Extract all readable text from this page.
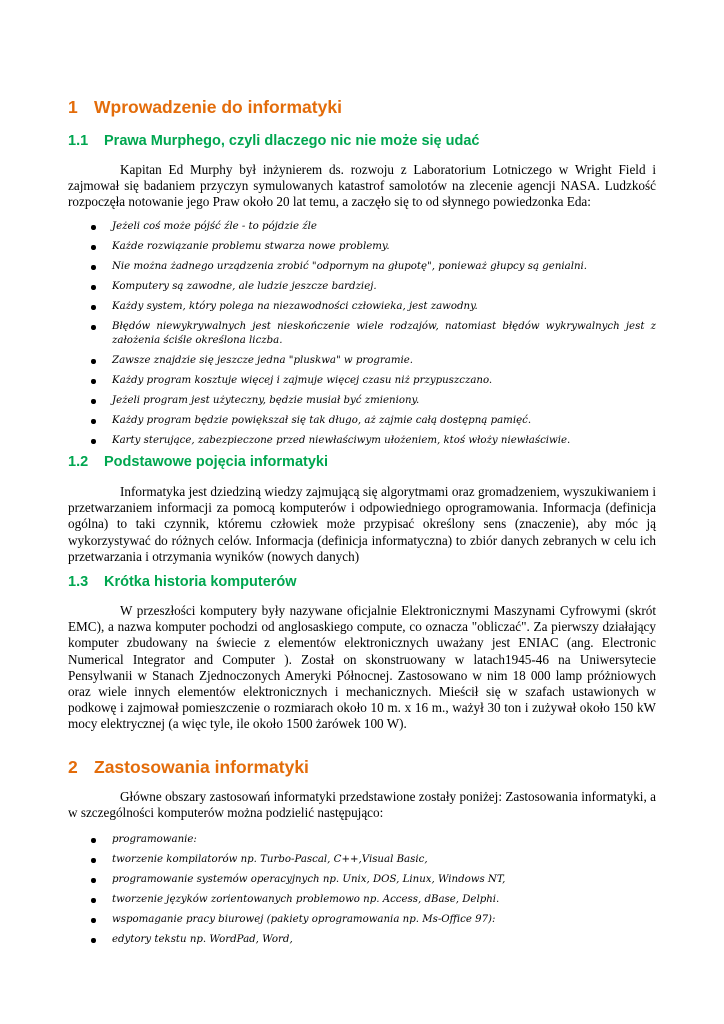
1 Wprowadzenie do informatyki
1.1 Prawa Murphego, czyli dlaczego nic nie może się udać

Kapitan Ed Murphy był inżynierem ds. rozwoju z Laboratorium Lotniczego w Wright Field i zajmował się badaniem przyczyn symulowanych katastrof samolotów na zlecenie agencji NASA. Ludzkość rozpoczęła notowanie jego Praw około 20 lat temu, a zaczęło się to od słynnego powiedzonka Eda:

Jeżeli coś może pójść źle - to pójdzie źle
Każde rozwiązanie problemu stwarza nowe problemy.
Nie można żadnego urządzenia zrobić "odpornym na głupotę", ponieważ głupcy są genialni.
Komputery są zawodne, ale ludzie jeszcze bardziej.
Każdy system, który polega na niezawodności człowieka, jest zawodny.
Błędów niewykrywalnych jest nieskończenie wiele rodzajów, natomiast błędów wykrywalnych jest z założenia ściśle określona liczba.
Zawsze znajdzie się jeszcze jedna "pluskwa" w programie.
Każdy program kosztuje więcej i zajmuje więcej czasu niż przypuszczano.
Jeżeli program jest użyteczny, będzie musiał być zmieniony.
Każdy program będzie powiększał się tak długo, aż zajmie całą dostępną pamięć.
Karty sterujące, zabezpieczone przed niewłaściwym ułożeniem, ktoś włoży niewłaściwie.
1.2 Podstawowe pojęcia informatyki

Informatyka jest dziedziną wiedzy zajmującą się algorytmami oraz gromadzeniem, wyszukiwaniem i przetwarzaniem informacji za pomocą komputerów i odpowiedniego oprogramowania. Informacja (definicja ogólna) to taki czynnik, któremu człowiek może przypisać określony sens (znaczenie), aby móc ją wykorzystywać do różnych celów. Informacja (definicja informatyczna) to zbiór danych zebranych w celu ich przetwarzania i otrzymania wyników (nowych danych)

1.3 Krótka historia komputerów

W przeszłości komputery były nazywane oficjalnie Elektronicznymi Maszynami Cyfrowymi (skrót EMC), a nazwa komputer pochodzi od anglosaskiego compute, co oznacza "obliczać". Za pierwszy działający komputer zbudowany na świecie z elementów elektronicznych uważany jest ENIAC (ang. Electronic Numerical Integrator and Computer ). Został on skonstruowany w latach1945-46 na Uniwersytecie Pensylwanii w Stanach Zjednoczonych Ameryki Północnej. Zastosowano w nim 18 000 lamp próżniowych oraz wiele innych elementów elektronicznych i mechanicznych. Mieścił się w szafach ustawionych w podkowę i zajmował pomieszczenie o rozmiarach około 10 m. x 16 m., ważył 30 ton i zużywał około 150 kW mocy elektrycznej (a więc tyle, ile około 1500 żarówek 100 W).

2 Zastosowania informatyki

Główne obszary zastosowań informatyki przedstawione zostały poniżej: Zastosowania informatyki, a w szczególności komputerów można podzielić następująco:

programowanie:
tworzenie kompilatorów np. Turbo-Pascal, C++,Visual Basic,
programowanie systemów operacyjnych np. Unix, DOS, Linux, Windows NT,
tworzenie języków zorientowanych problemowo np. Access, dBase, Delphi.
wspomaganie pracy biurowej (pakiety oprogramowania np. Ms-Office 97):
edytory tekstu np. WordPad, Word,
